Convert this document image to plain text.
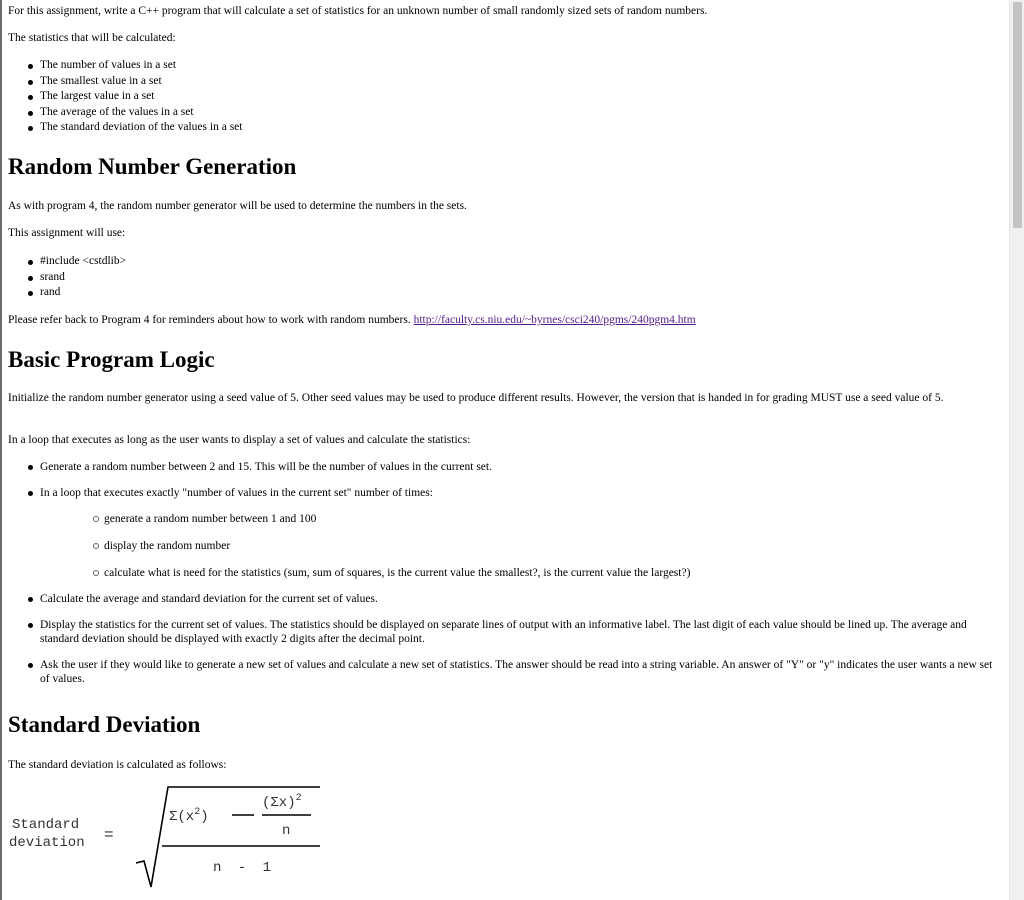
For this assignment, write a C++ program that will calculate a set of statistics for an unknown number of small randomly sized sets of random numbers.

The statistics that will be calculated:

The number of values in a set
The smallest value in a set
The largest value in a set
The average of the values in a set
The standard deviation of the values in a set
Random Number Generation

As with program 4, the random number generator will be used to determine the numbers in the sets.

This assignment will use:

#include <cstdlib>
srand
rand

Please refer back to Program 4 for reminders about how to work with random numbers. http://faculty.cs.niu.edu/~byrnes/csci240/pgms/240pgm4.htm

Basic Program Logic

Initialize the random number generator using a seed value of 5. Other seed values may be used to produce different results. However, the version that is handed in for grading MUST use a seed value of 5.

In a loop that executes as long as the user wants to display a set of values and calculate the statistics:

Generate a random number between 2 and 15. This will be the number of values in the current set.
In a loop that executes exactly "number of values in the current set" number of times:
generate a random number between 1 and 100
display the random number
calculate what is need for the statistics (sum, sum of squares, is the current value the smallest?, is the current value the largest?)
Calculate the average and standard deviation for the current set of values.
Display the statistics for the current set of values. The statistics should be displayed on separate lines of output with an informative label. The last digit of each value should be lined up. The average and standard deviation should be displayed with exactly 2 digits after the decimal point.
Ask the user if they would like to generate a new set of values and calculate a new set of statistics. The answer should be read into a string variable. An answer of "Y" or "y" indicates the user wants a new set of values.
Standard Deviation

The standard deviation is calculated as follows:

Standard
deviation =
$\Sigma(x^2)$
$(\Sigma x)^2$
n
n - 1
